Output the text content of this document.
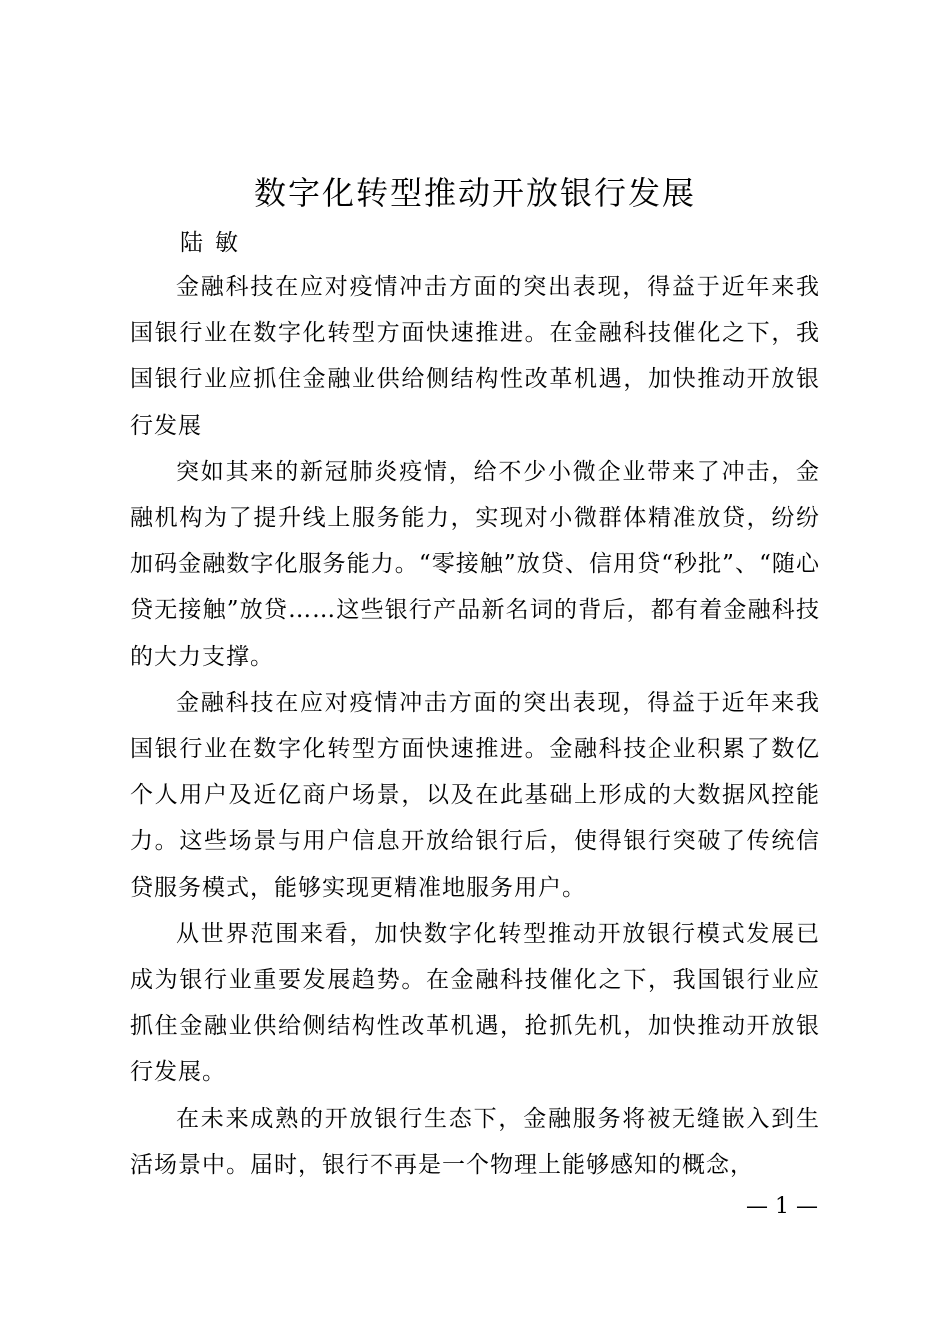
数字化转型推动开放银行发展
陆敏

金融科技在应对疫情冲击方面的突出表现，得益于近年来我国银行业在数字化转型方面快速推进。在金融科技催化之下，我国银行业应抓住金融业供给侧结构性改革机遇，加快推动开放银行发展

突如其来的新冠肺炎疫情，给不少小微企业带来了冲击，金融机构为了提升线上服务能力，实现对小微群体精准放贷，纷纷加码金融数字化服务能力。“零接触”放贷、信用贷“秒批”、“随心贷无接触”放贷……这些银行产品新名词的背后，都有着金融科技的大力支撑。

金融科技在应对疫情冲击方面的突出表现，得益于近年来我国银行业在数字化转型方面快速推进。金融科技企业积累了数亿个人用户及近亿商户场景，以及在此基础上形成的大数据风控能力。这些场景与用户信息开放给银行后，使得银行突破了传统信贷服务模式，能够实现更精准地服务用户。

从世界范围来看，加快数字化转型推动开放银行模式发展已成为银行业重要发展趋势。在金融科技催化之下，我国银行业应抓住金融业供给侧结构性改革机遇，抢抓先机，加快推动开放银行发展。

在未来成熟的开放银行生态下，金融服务将被无缝嵌入到生活场景中。届时，银行不再是一个物理上能够感知的概念，

— 1 —
